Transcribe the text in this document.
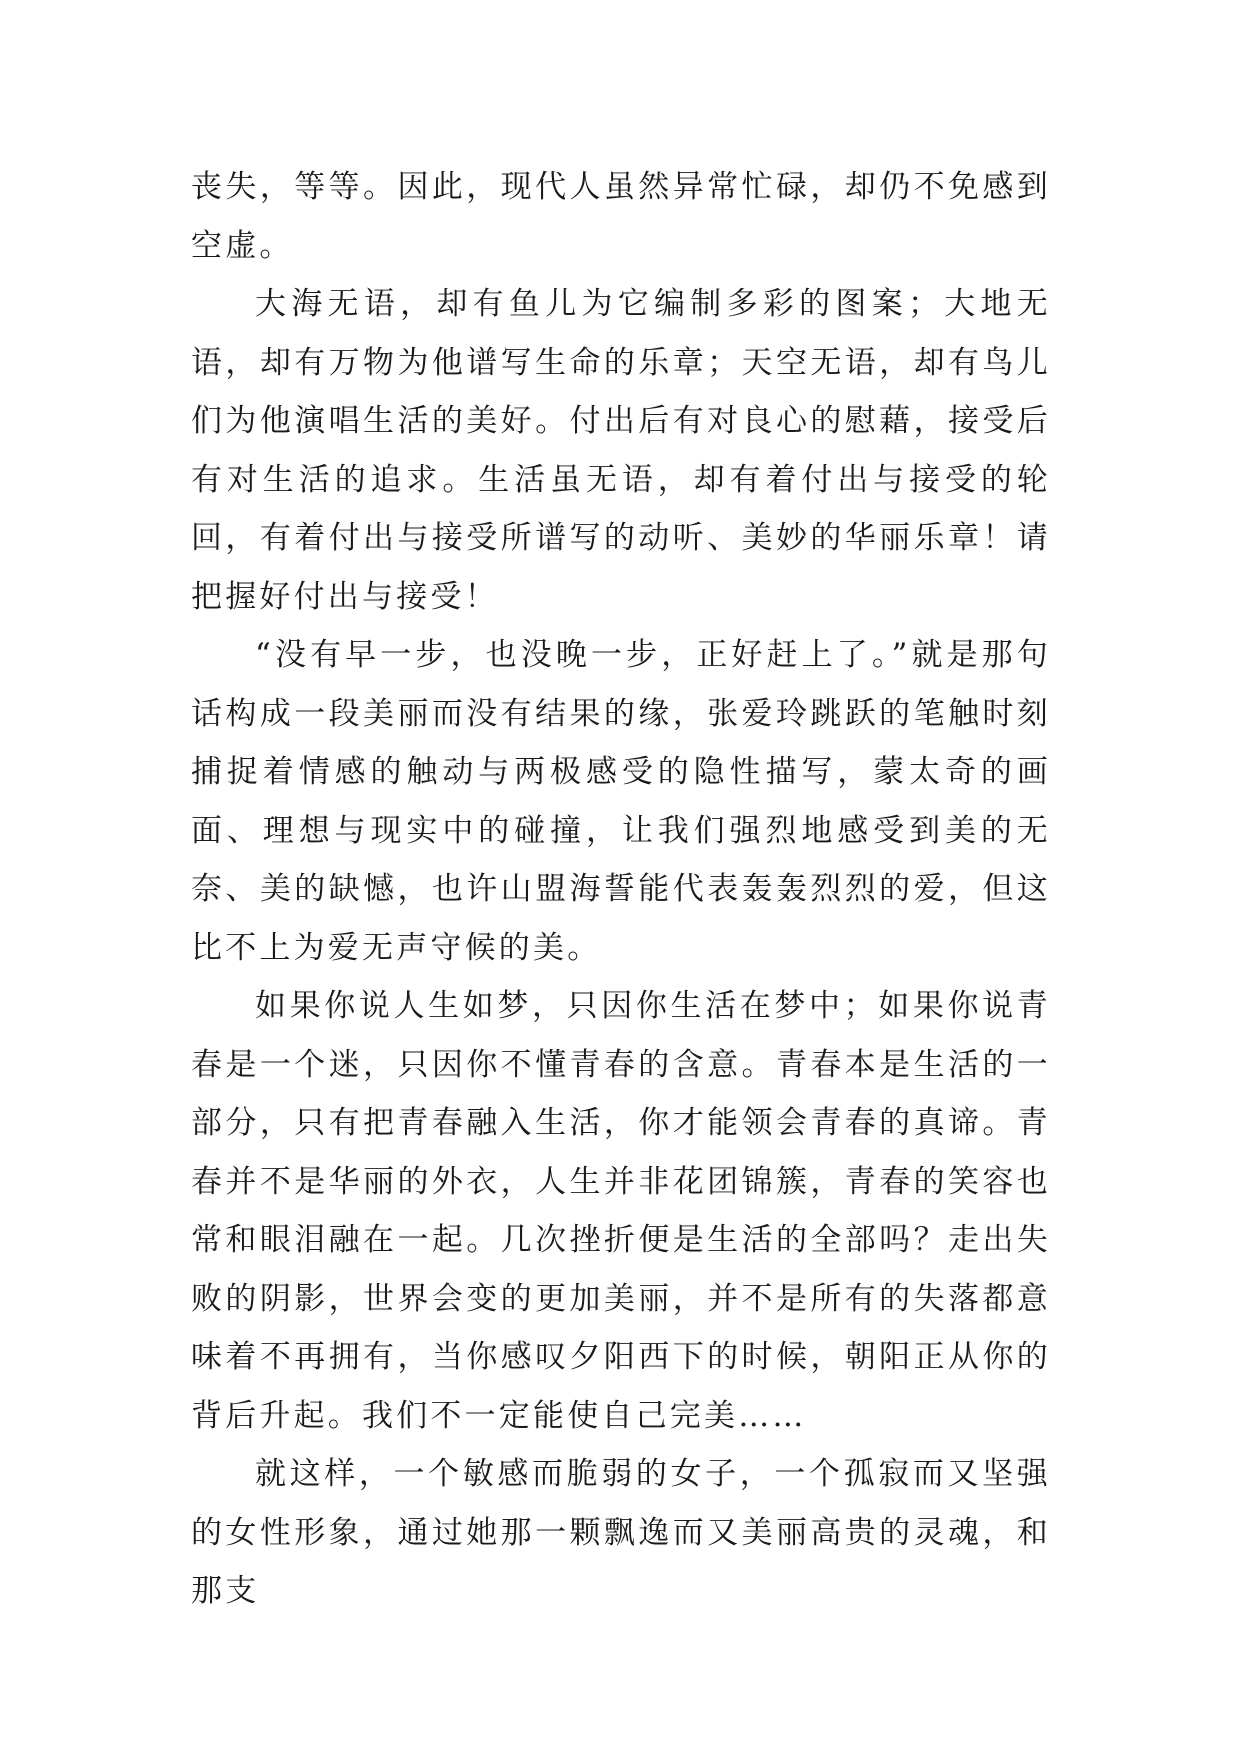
丧失，等等。因此，现代人虽然异常忙碌，却仍不免感到空虚。

大海无语，却有鱼儿为它编制多彩的图案；大地无语，却有万物为他谱写生命的乐章；天空无语，却有鸟儿们为他演唱生活的美好。付出后有对良心的慰藉，接受后有对生活的追求。生活虽无语，却有着付出与接受的轮回，有着付出与接受所谱写的动听、美妙的华丽乐章！请把握好付出与接受！

“没有早一步，也没晚一步，正好赶上了。”就是那句话构成一段美丽而没有结果的缘，张爱玲跳跃的笔触时刻捕捉着情感的触动与两极感受的隐性描写，蒙太奇的画面、理想与现实中的碰撞，让我们强烈地感受到美的无奈、美的缺憾，也许山盟海誓能代表轰轰烈烈的爱，但这比不上为爱无声守候的美。

如果你说人生如梦，只因你生活在梦中；如果你说青春是一个迷，只因你不懂青春的含意。青春本是生活的一部分，只有把青春融入生活，你才能领会青春的真谛。青春并不是华丽的外衣，人生并非花团锦簇，青春的笑容也常和眼泪融在一起。几次挫折便是生活的全部吗？走出失败的阴影，世界会变的更加美丽，并不是所有的失落都意味着不再拥有，当你感叹夕阳西下的时候，朝阳正从你的背后升起。我们不一定能使自己完美……

就这样，一个敏感而脆弱的女子，一个孤寂而又坚强的女性形象，通过她那一颗飘逸而又美丽高贵的灵魂，和那支
